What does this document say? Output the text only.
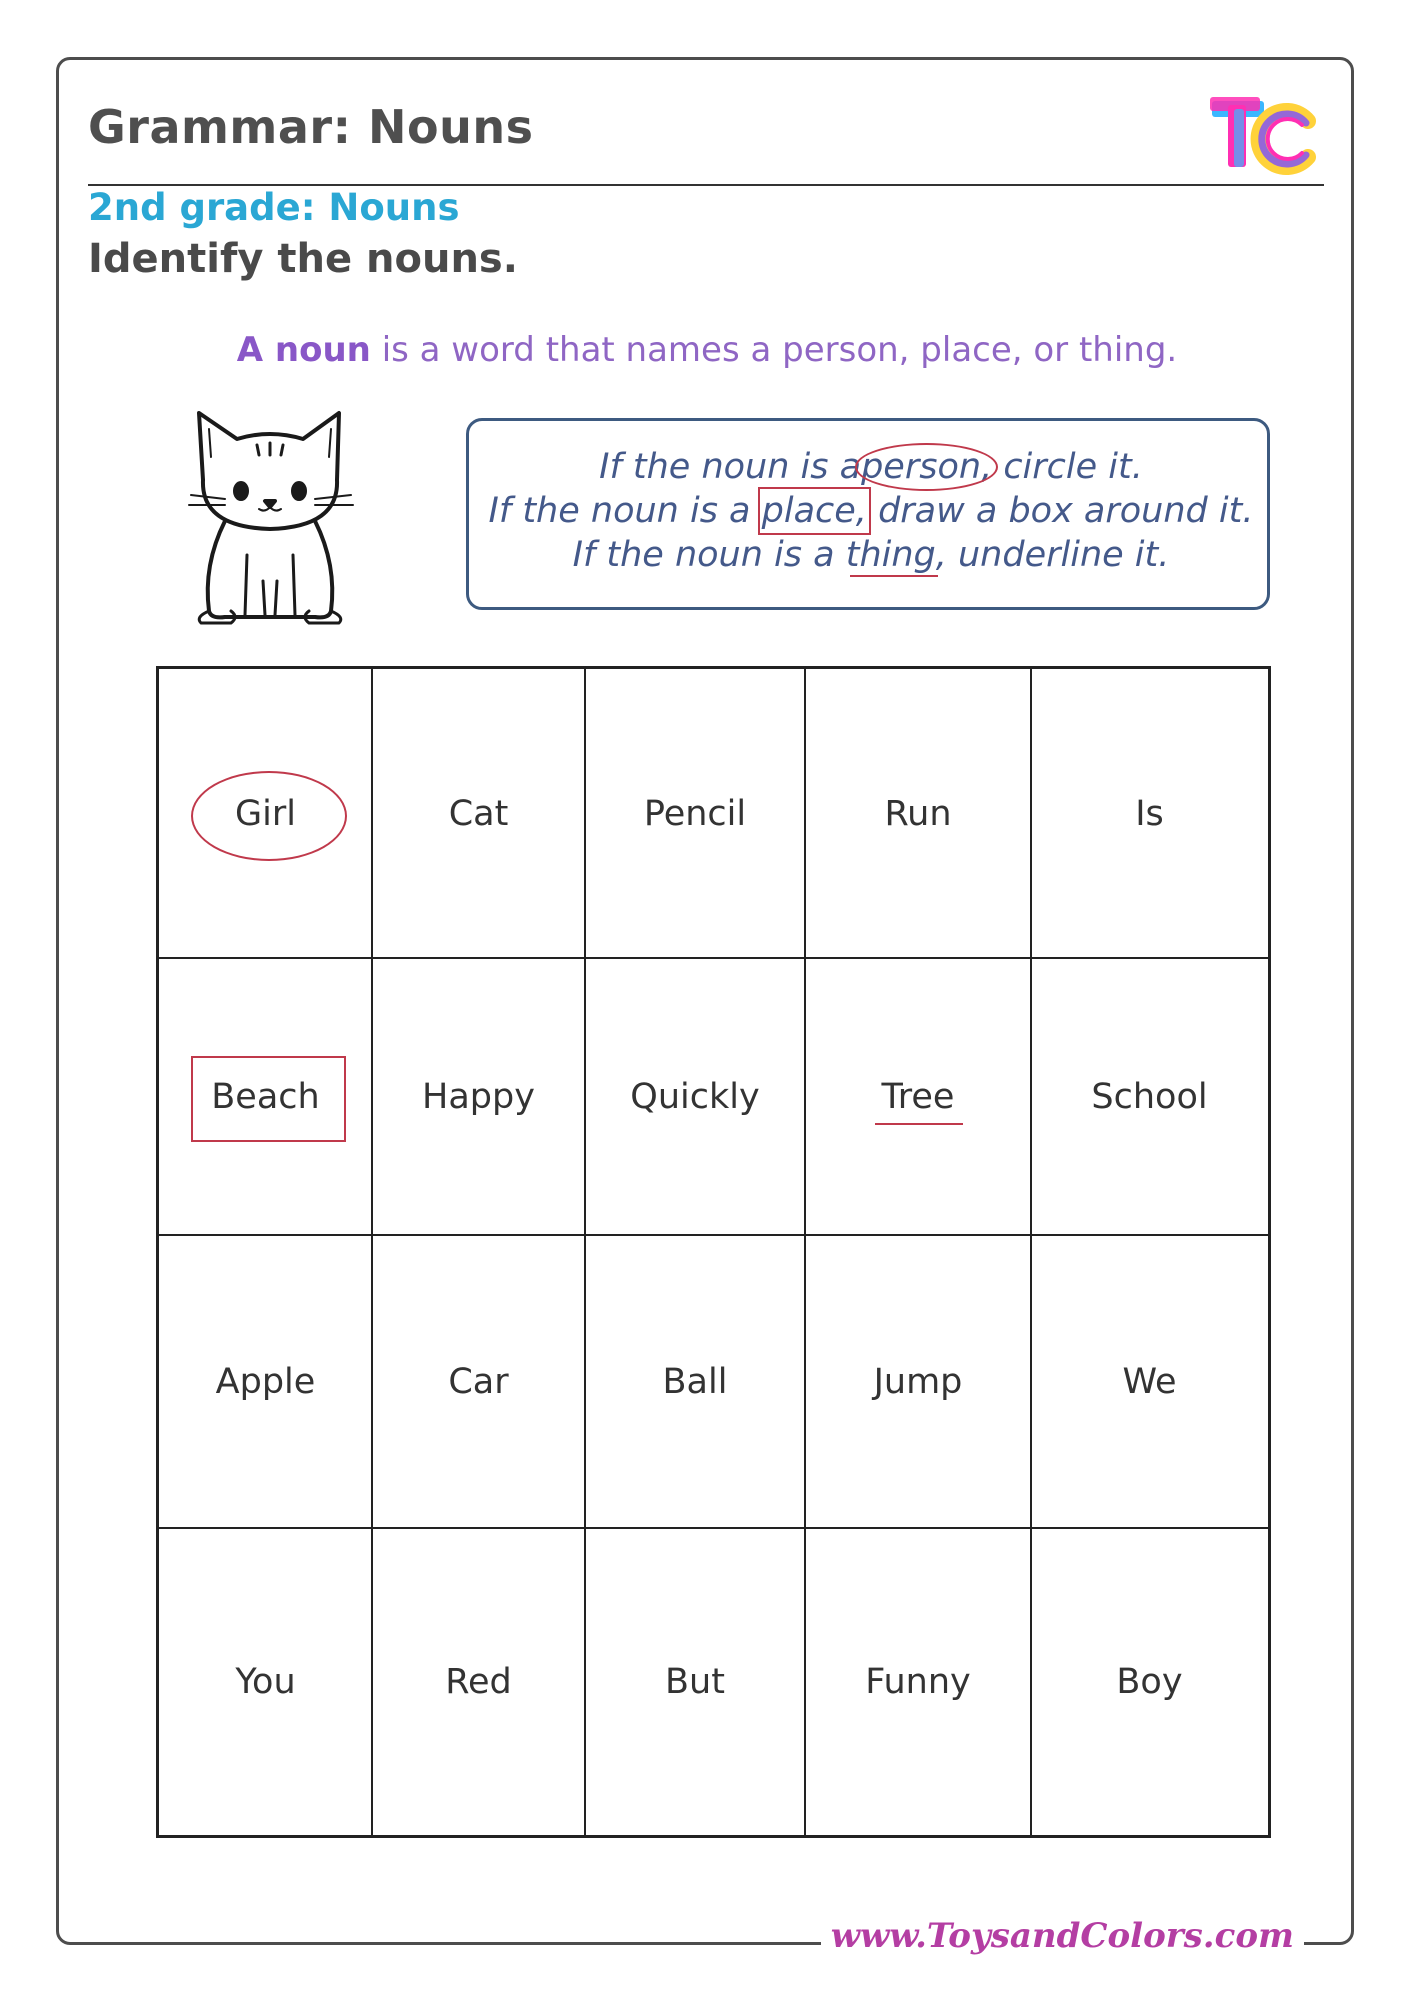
Grammar: Nouns
2nd grade: Nouns
Identify the nouns.
A noun is a word that names a person, place, or thing.
If the noun is aperson, circle it.
If the noun is a place, draw a box around it.
If the noun is a thing, underline it.
Girl	Cat	Pencil	Run	Is
Beach	Happy	Quickly	Tree	School
Apple	Car	Ball	Jump	We
You	Red	But	Funny	Boy
www.ToysandColors.com
